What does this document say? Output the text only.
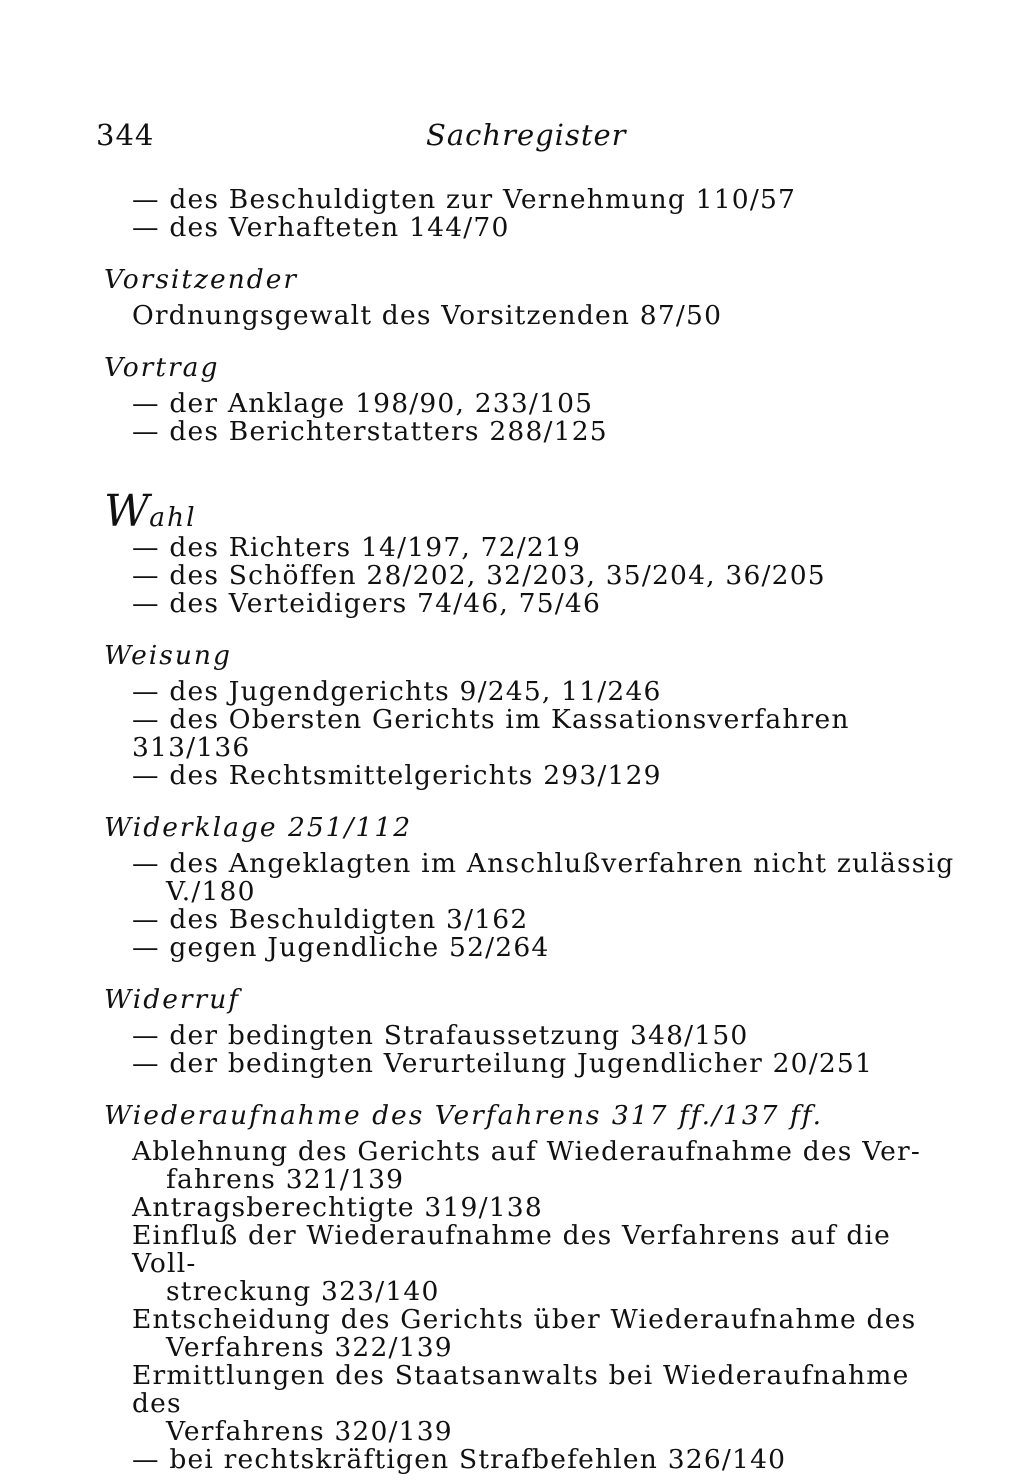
344	Sachregister
— des Beschuldigten zur Vernehmung 110/57
— des Verhafteten 144/70
Vorsitzender
Ordnungsgewalt des Vorsitzenden 87/50
Vortrag
— der Anklage 198/90, 233/105
— des Berichterstatters 288/125
Wahl
— des Richters 14/197, 72/219
— des Schöffen 28/202, 32/203, 35/204, 36/205
— des Verteidigers 74/46, 75/46
Weisung
— des Jugendgerichts 9/245, 11/246
— des Obersten Gerichts im Kassationsverfahren 313/136
— des Rechtsmittelgerichts 293/129
Widerklage 251/112
— des Angeklagten im Anschlußverfahren nicht zulässig
V./180
— des Beschuldigten 3/162
— gegen Jugendliche 52/264
Widerruf
— der bedingten Strafaussetzung 348/150
— der bedingten Verurteilung Jugendlicher 20/251
Wiederaufnahme des Verfahrens 317 ff./137 ff.
Ablehnung des Gerichts auf Wiederaufnahme des Ver-
fahrens 321/139
Antragsberechtigte 319/138
Einfluß der Wiederaufnahme des Verfahrens auf die Voll-
streckung 323/140
Entscheidung des Gerichts über Wiederaufnahme des
Verfahrens 322/139
Ermittlungen des Staatsanwalts bei Wiederaufnahme des
Verfahrens 320/139
— bei rechtskräftigen Strafbefehlen 326/140
